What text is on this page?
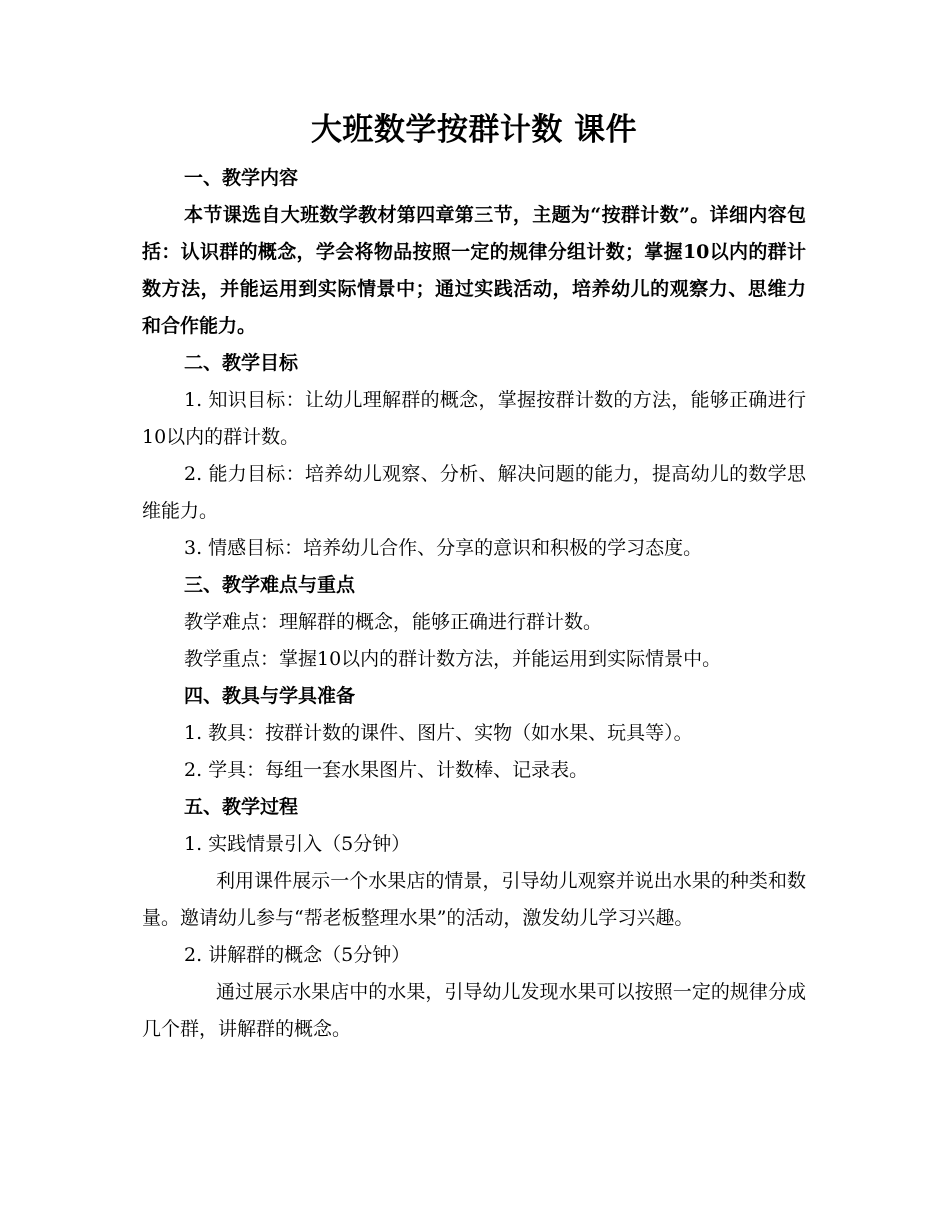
大班数学按群计数 课件

一、教学内容

本节课选自大班数学教材第四章第三节，主题为“按群计数”。详细内容包括：认识群的概念，学会将物品按照一定的规律分组计数；掌握10以内的群计数方法，并能运用到实际情景中；通过实践活动，培养幼儿的观察力、思维力和合作能力。

二、教学目标

1. 知识目标：让幼儿理解群的概念，掌握按群计数的方法，能够正确进行10以内的群计数。

2. 能力目标：培养幼儿观察、分析、解决问题的能力，提高幼儿的数学思维能力。

3. 情感目标：培养幼儿合作、分享的意识和积极的学习态度。

三、教学难点与重点

教学难点：理解群的概念，能够正确进行群计数。

教学重点：掌握10以内的群计数方法，并能运用到实际情景中。

四、教具与学具准备

1. 教具：按群计数的课件、图片、实物（如水果、玩具等）。

2. 学具：每组一套水果图片、计数棒、记录表。

五、教学过程

1. 实践情景引入（5分钟）

利用课件展示一个水果店的情景，引导幼儿观察并说出水果的种类和数量。邀请幼儿参与“帮老板整理水果”的活动，激发幼儿学习兴趣。

2. 讲解群的概念（5分钟）

通过展示水果店中的水果，引导幼儿发现水果可以按照一定的规律分成几个群，讲解群的概念。
